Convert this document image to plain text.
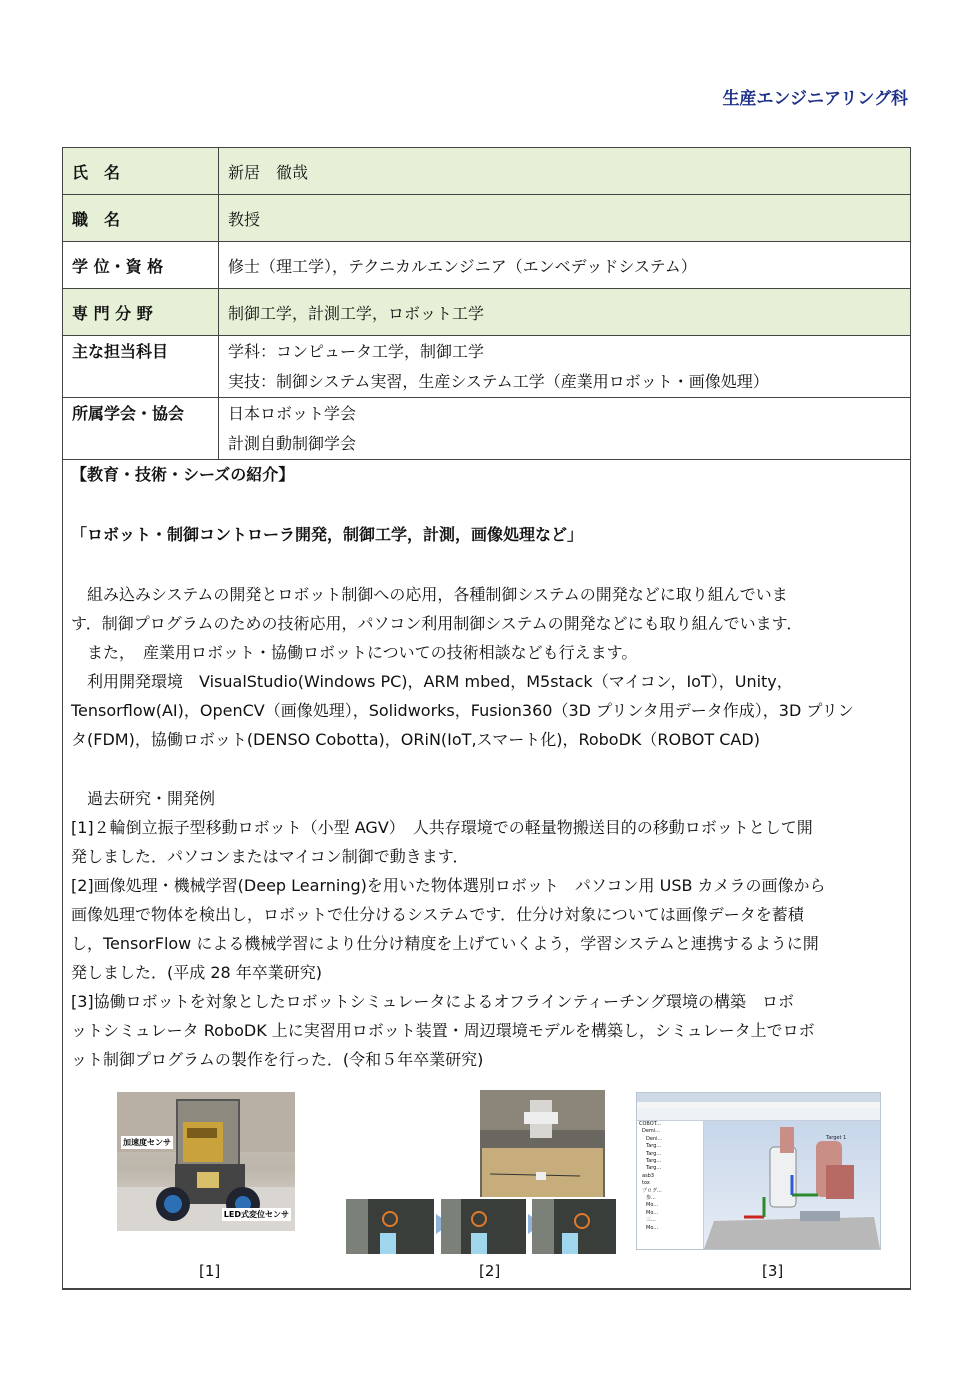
生産エンジニアリング科
氏　名	新居　徹哉
職　名	教授
学 位・資 格	修士（理工学），テクニカルエンジニア（エンベデッドシステム）
専 門 分 野	制御工学，計測工学，ロボット工学
主な担当科目	学科：コンピュータ工学，制御工学
実技：制御システム実習，生産システム工学（産業用ロボット・画像処理）

所属学会・協会	日本ロボット学会
計測自動制御学会
【教育・技術・シーズの紹介】
「ロボット・制御コントローラ開発，制御工学，計測，画像処理など」
　組み込みシステムの開発とロボット制御への応用，各種制御システムの開発などに取り組んでいま
す．制御プログラムのための技術応用，パソコン利用制御システムの開発などにも取り組んでいます．
　また，　産業用ロボット・協働ロボットについての技術相談なども行えます。
　利用開発環境　VisualStudio(Windows PC)，ARM mbed，M5stack（マイコン，IoT），Unity，
Tensorflow(AI)，OpenCV（画像処理），Solidworks，Fusion360（3D プリンタ用データ作成），3D プリン
タ(FDM)，協働ロボット(DENSO Cobotta)，ORiN(IoT,スマート化)，RoboDK（ROBOT CAD)
　過去研究・開発例
[1]２輪倒立振子型移動ロボット（小型 AGV）　人共存環境での軽量物搬送目的の移動ロボットとして開
発しました．パソコンまたはマイコン制御で動きます．
[2]画像処理・機械学習(Deep Learning)を用いた物体選別ロボット　パソコン用 USB カメラの画像から
画像処理で物体を検出し，ロボットで仕分けるシステムです．仕分け対象については画像データを蓄積
し，TensorFlow による機械学習により仕分け精度を上げていくよう，学習システムと連携するように開
発しました．(平成 28 年卒業研究)
[3]協働ロボットを対象としたロボットシミュレータによるオフラインティーチング環境の構築　ロボ
ットシミュレータ RoboDK 上に実習用ロボット装置・周辺環境モデルを構築し，シミュレータ上でロボ
ット制御プログラムの製作を行った．(令和５年卒業研究)
加速度センサ
LED式変位センサ
COBOT...
Demi...
Deni...
Targ...
Targ...
Targ...
Targ...
asb3
tox
プログ...
参...
Mo...
Mo...
三...
Mo...
Target 1
[1]	[2]	[3]
